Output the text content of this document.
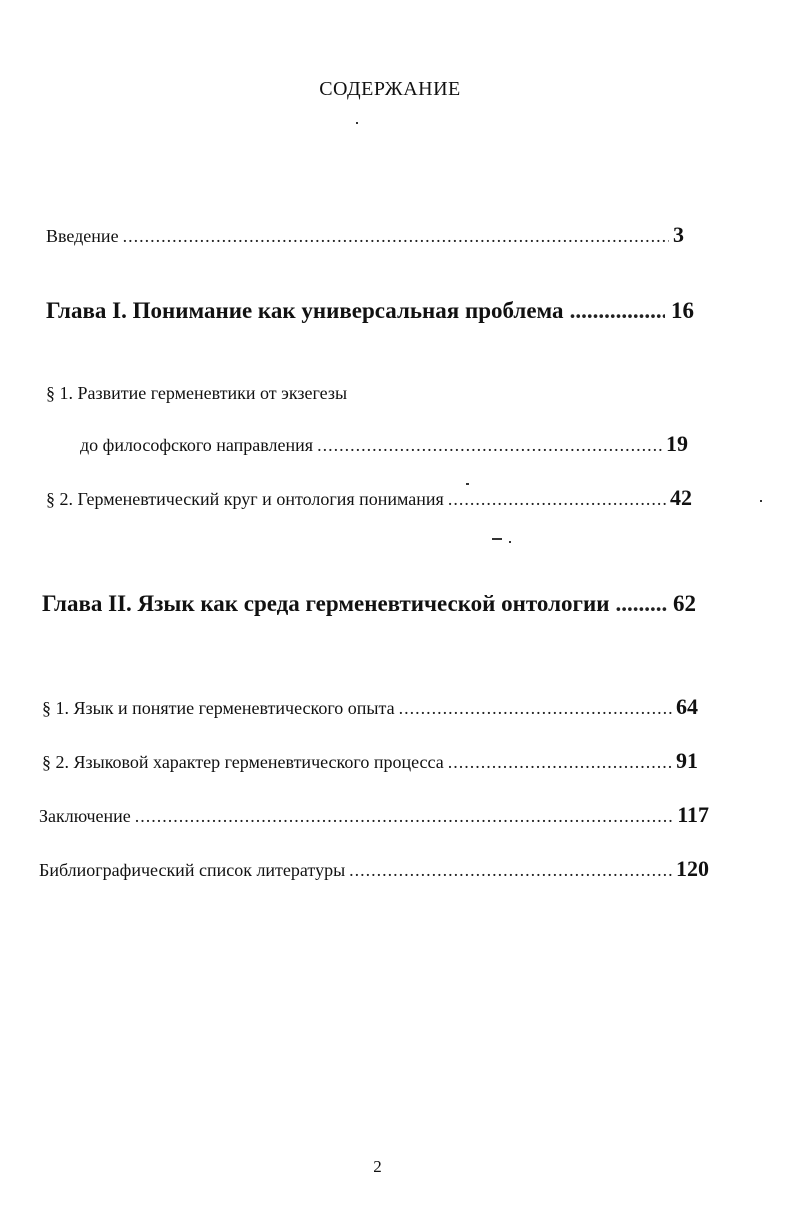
СОДЕРЖАНИЕ
Введение .....	3
Глава I. Понимание как универсальная проблема .....	16
§ 1. Развитие герменевтики от экзегезы
до философского направления .....	19
§ 2. Герменевтический круг и онтология понимания .....	42
Глава II. Язык как среда герменевтической онтологии .....	62
§ 1. Язык и понятие герменевтического опыта .....	64
§ 2. Языковой характер герменевтического процесса .....	91
Заключение .....	117
Библиографический список литературы .....	120
2
